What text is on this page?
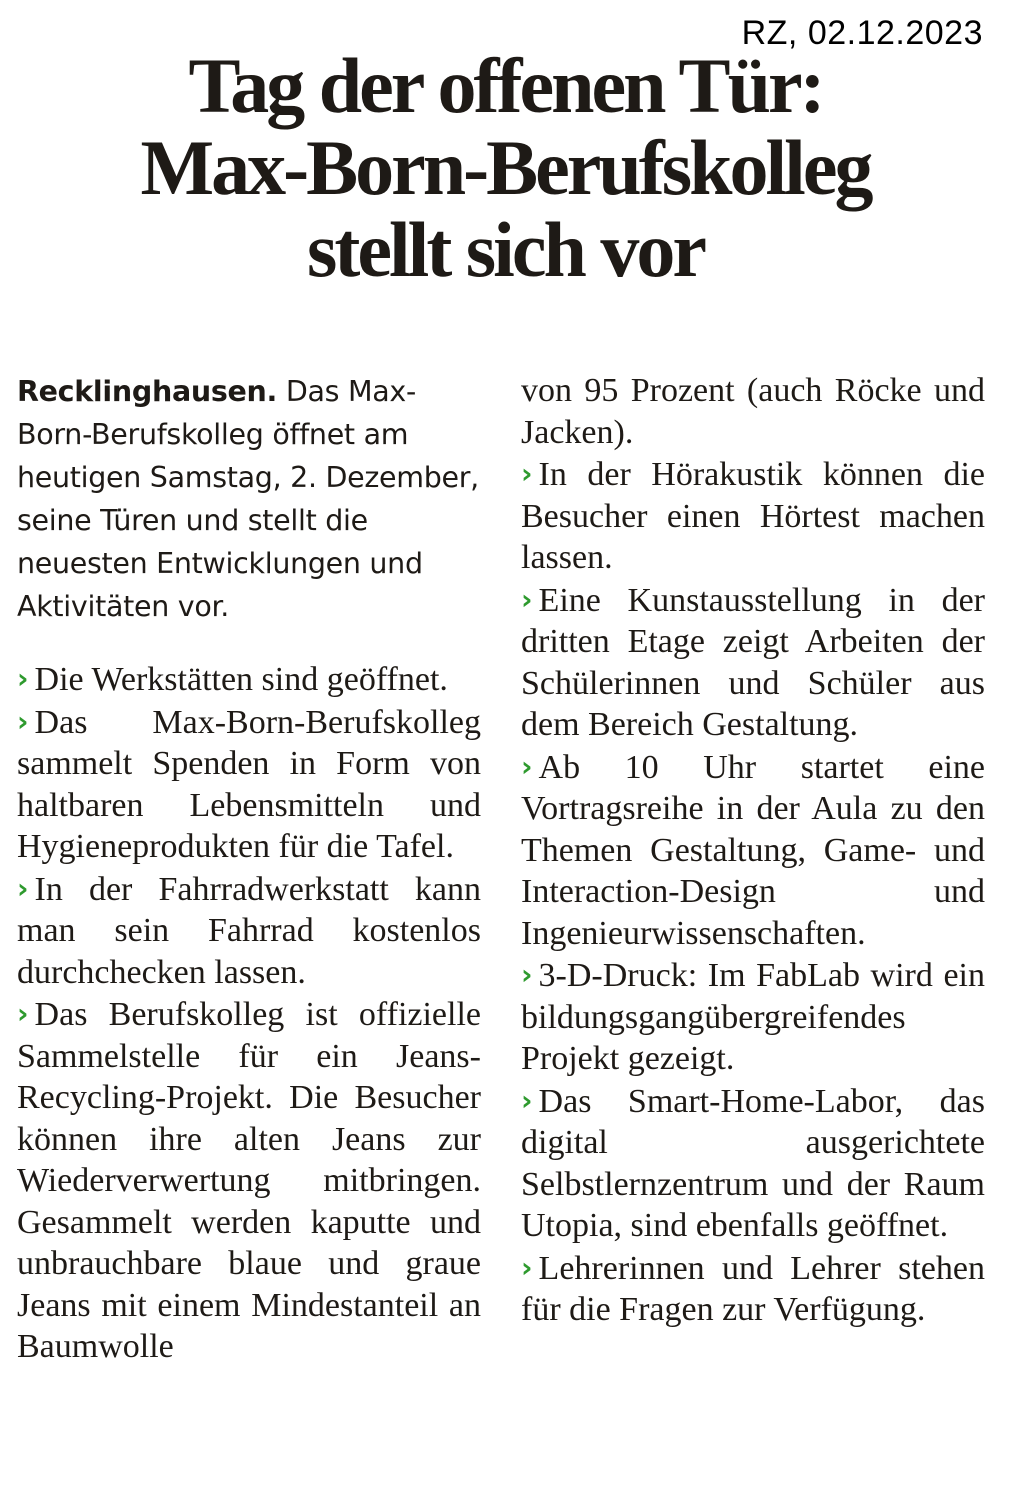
RZ, 02.12.2023
Tag der offenen Tür:
Max-Born-Berufskolleg
stellt sich vor

Recklinghausen. Das Max-Born-Berufskolleg öffnet am heutigen Samstag, 2. Dezember, seine Türen und stellt die neuesten Entwicklungen und Aktivitäten vor.

› Die Werkstätten sind geöffnet.

› Das Max-Born-Berufskolleg sammelt Spenden in Form von haltbaren Lebensmitteln und Hygieneprodukten für die Tafel.

› In der Fahrradwerkstatt kann man sein Fahrrad kostenlos durchchecken lassen.

› Das Berufskolleg ist offizielle Sammelstelle für ein Jeans-Recycling-Projekt. Die Besucher können ihre alten Jeans zur Wiederverwertung mitbringen. Gesammelt werden kaputte und unbrauchbare blaue und graue Jeans mit einem Mindestanteil an Baumwolle

von 95 Prozent (auch Röcke und Jacken).

› In der Hörakustik können die Besucher einen Hörtest machen lassen.

› Eine Kunstausstellung in der dritten Etage zeigt Arbeiten der Schülerinnen und Schüler aus dem Bereich Gestaltung.

› Ab 10 Uhr startet eine Vortragsreihe in der Aula zu den Themen Gestaltung, Game- und Interaction-Design und Ingenieurwissenschaften.

› 3-D-Druck: Im FabLab wird ein bildungsgangübergreifendes Projekt gezeigt.

› Das Smart-Home-Labor, das digital ausgerichtete Selbstlernzentrum und der Raum Utopia, sind ebenfalls geöffnet.

› Lehrerinnen und Lehrer stehen für die Fragen zur Verfügung.
